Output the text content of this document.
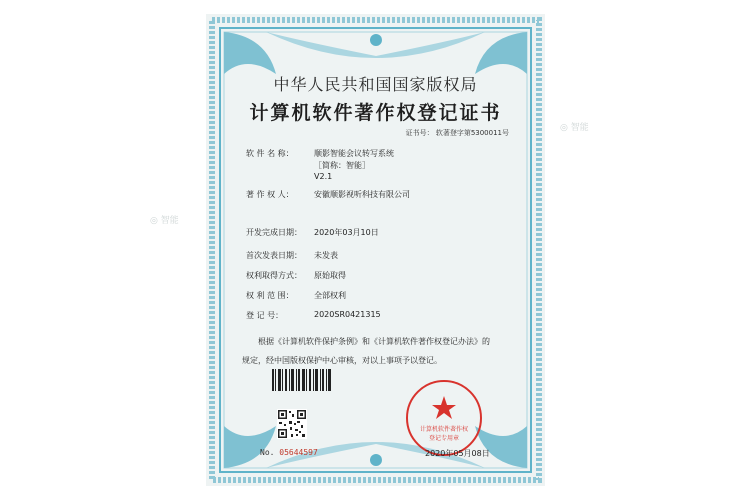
中华人民共和国国家版权局
计算机软件著作权登记证书
证书号： 软著登字第5300011号
软 件 名 称：	顺影智能会议转写系统
［简称：智能］
V2.1
著 作 权 人：	安徽顺影视听科技有限公司
开发完成日期： 2020年03月10日
首次发表日期： 未发表
权利取得方式： 原始取得
权 利 范 围：	全部权利
登 记 号：	2020SR0421315
根据《计算机软件保护条例》和《计算机软件著作权登记办法》的
规定，经中国版权保护中心审核，对以上事项予以登记。
No. 05644597
计算机软件著作权
登记专用章
2020年05月08日
◎ 智能
◎ 智能
